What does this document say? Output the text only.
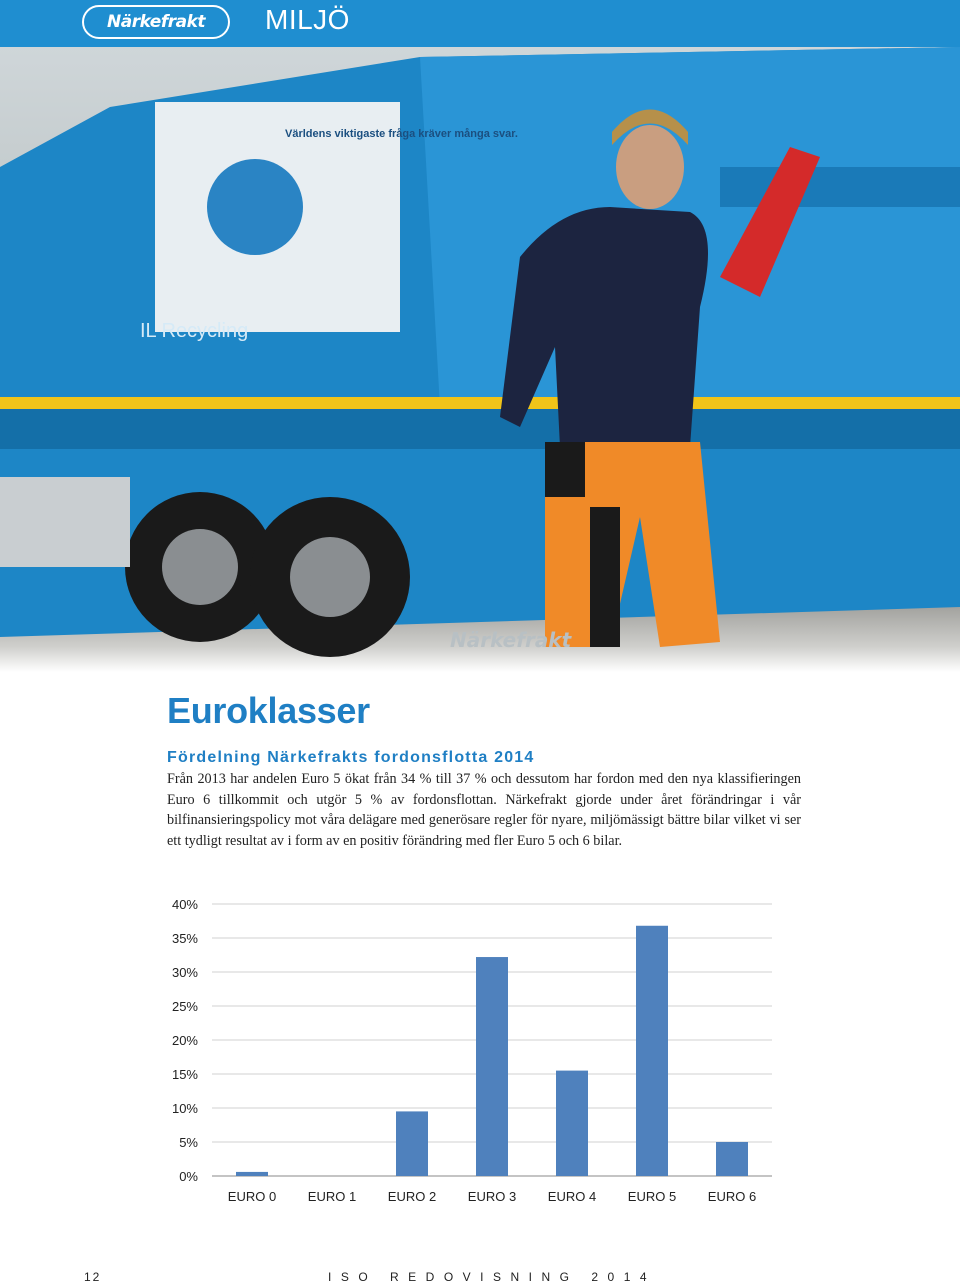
Närkefrakt	MILJÖ
Världens viktigaste fråga kräver många svar.
IL Recycling
Närkefrakt
Euroklasser
Fördelning Närkefrakts fordonsflotta 2014

Från 2013 har andelen Euro 5 ökat från 34 % till 37 % och dessutom har fordon med den nya klassifieringen Euro 6 tillkommit och utgör 5 % av fordonsflottan. Närkefrakt gjorde under året förändringar i vår bilfinansieringspolicy mot våra delägare med generösare regler för nyare, miljömässigt bättre bilar vilket vi ser ett tydligt resultat av i form av en positiv förändring med fler Euro 5 och 6 bilar.

0%
5%
10%
15%
20%
25%
30%
35%
40%
EURO 0 EURO 1 EURO 2 EURO 3 EURO 4 EURO 5 EURO 6
12	ISO REDOVISNING 2014
